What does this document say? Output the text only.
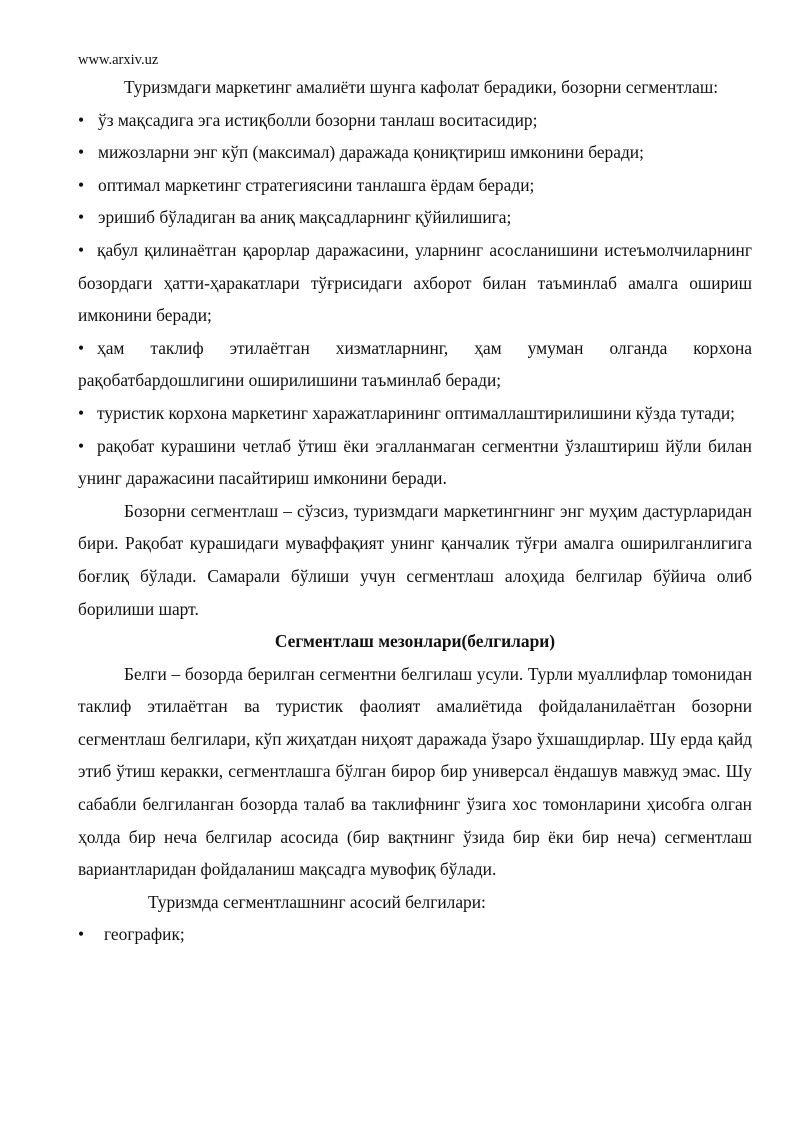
www.arxiv.uz

Туризмдаги маркетинг амалиёти шунга кафолат берадики, бозорни сегментлаш:

• ўз мақсадига эга истиқболли бозорни танлаш воситасидир;
• мижозларни энг кўп (максимал) даражада қониқтириш имконини беради;
• оптимал маркетинг стратегиясини танлашга ёрдам беради;
• эришиб бўладиган ва аниқ мақсадларнинг қўйилишига;

• қабул қилинаётган қарорлар даражасини, уларнинг асосланишини истеъмолчиларнинг бозордаги ҳатти-ҳаракатлари тўғрисидаги ахборот билан таъминлаб амалга ошириш имконини беради;

• ҳам таклиф этилаётган хизматларнинг, ҳам умуман олганда корхона рақобатбардошлигини оширилишини таъминлаб беради;

• туристик корхона маркетинг харажатларининг оптималлаштирилишини кўзда тутади;

• рақобат курашини четлаб ўтиш ёки эгалланмаган сегментни ўзлаштириш йўли билан унинг даражасини пасайтириш имконини беради.

Бозорни сегментлаш – сўзсиз, туризмдаги маркетингнинг энг муҳим дастурларидан бири. Рақобат курашидаги муваффақият унинг қанчалик тўғри амалга оширилганлигига боғлиқ бўлади. Самарали бўлиши учун сегментлаш алоҳида белгилар бўйича олиб борилиши шарт.

Сегментлаш мезонлари(белгилари)

Белги – бозорда берилган сегментни белгилаш усули. Турли муаллифлар томонидан таклиф этилаётган ва туристик фаолият амалиётида фойдаланилаётган бозорни сегментлаш белгилари, кўп жиҳатдан ниҳоят даражада ўзаро ўхшашдирлар. Шу ерда қайд этиб ўтиш керакки, сегментлашга бўлган бирор бир универсал ёндашув мавжуд эмас. Шу сабабли белгиланган бозорда талаб ва таклифнинг ўзига хос томонларини ҳисобга олган ҳолда бир неча белгилар асосида (бир вақтнинг ўзида бир ёки бир неча) сегментлаш вариантларидан фойдаланиш мақсадга мувофиқ бўлади.

Туризмда сегментлашнинг асосий белгилари:

•	географик;
